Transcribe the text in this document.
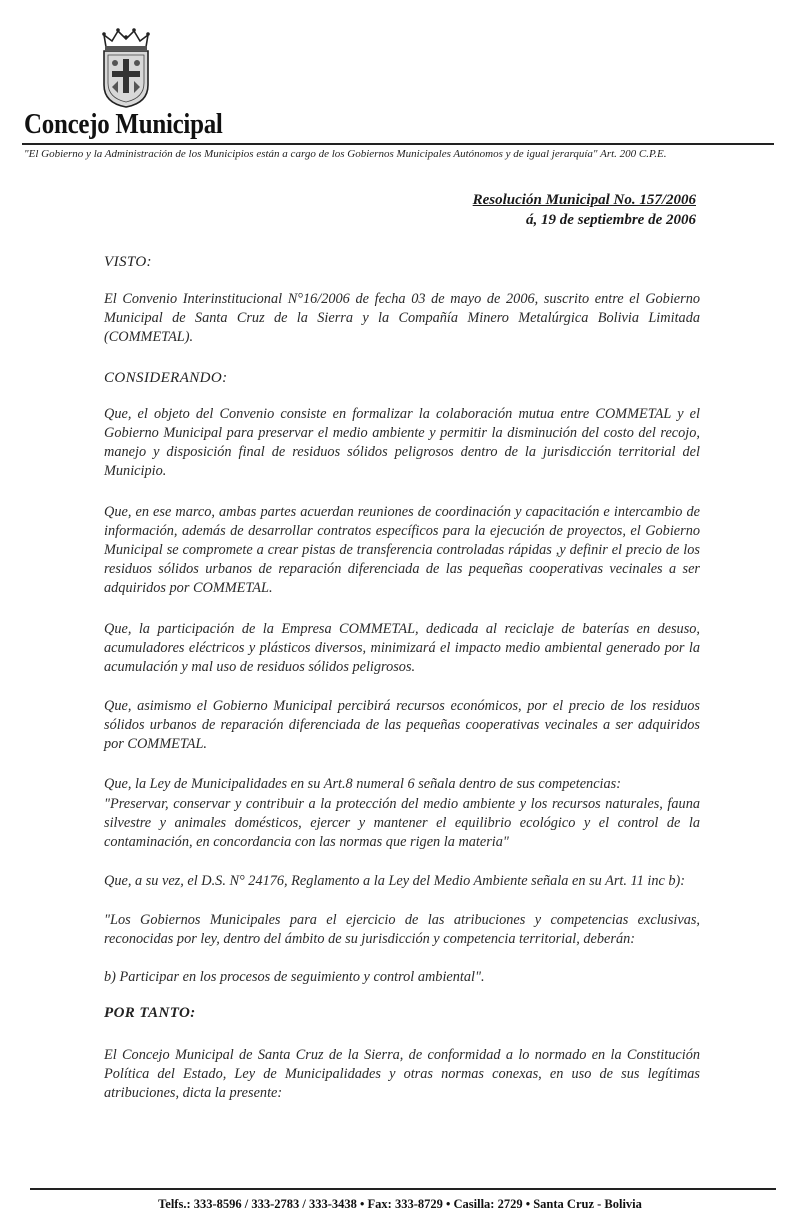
Concejo Municipal
"El Gobierno y la Administración de los Municipios están a cargo de los Gobiernos Municipales Autónomos y de igual jerarquía" Art. 200 C.P.E.
Resolución Municipal No. 157/2006
á, 19 de septiembre de 2006
VISTO:
El Convenio Interinstitucional N°16/2006 de fecha 03 de mayo de 2006, suscrito entre el Gobierno Municipal de Santa Cruz de la Sierra y la Compañía Minero Metalúrgica Bolivia Limitada (COMMETAL).
CONSIDERANDO:
Que, el objeto del Convenio consiste en formalizar la colaboración mutua entre COMMETAL y el Gobierno Municipal para preservar el medio ambiente y permitir la disminución del costo del recojo, manejo y disposición final de residuos sólidos peligrosos dentro de la jurisdicción territorial del Municipio.
Que, en ese marco, ambas partes acuerdan reuniones de coordinación y capacitación e intercambio de información, además de desarrollar contratos específicos para la ejecución de proyectos, el Gobierno Municipal se compromete a crear pistas de transferencia controladas rápidas ,y definir el precio de los residuos sólidos urbanos de reparación diferenciada de las pequeñas cooperativas vecinales a ser adquiridos por COMMETAL.
Que, la participación de la Empresa COMMETAL, dedicada al reciclaje de baterías en desuso, acumuladores eléctricos y plásticos diversos, minimizará el impacto medio ambiental generado por la acumulación y mal uso de residuos sólidos peligrosos.
Que, asimismo el Gobierno Municipal percibirá recursos económicos, por el precio de los residuos sólidos urbanos de reparación diferenciada de las pequeñas cooperativas vecinales a ser adquiridos por COMMETAL.
Que, la Ley de Municipalidades en su Art.8 numeral 6 señala dentro de sus competencias:
"Preservar, conservar y contribuir a la protección del medio ambiente y los recursos naturales, fauna silvestre y animales domésticos, ejercer y mantener el equilibrio ecológico y el control de la contaminación, en concordancia con las normas que rigen la materia"
Que, a su vez, el D.S. N° 24176, Reglamento a la Ley del Medio Ambiente señala en su Art. 11 inc b):
"Los Gobiernos Municipales para el ejercicio de las atribuciones y competencias exclusivas, reconocidas por ley, dentro del ámbito de su jurisdicción y competencia territorial, deberán:
b) Participar en los procesos de seguimiento y control ambiental".
POR TANTO:
El Concejo Municipal de Santa Cruz de la Sierra, de conformidad a lo normado en la Constitución Política del Estado, Ley de Municipalidades y otras normas conexas, en uso de sus legítimas atribuciones, dicta la presente:
Telfs.: 333-8596 / 333-2783 / 333-3438 • Fax: 333-8729 • Casilla: 2729 • Santa Cruz - Bolivia
